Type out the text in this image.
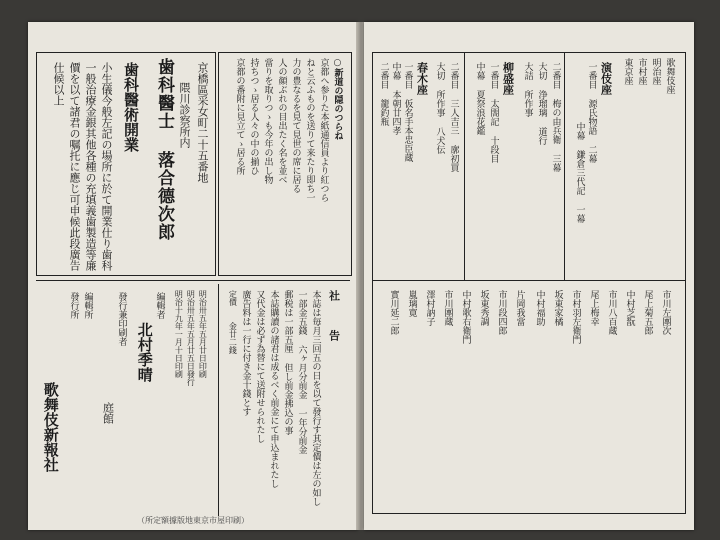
京橋區采女町二十五番地
隈川診察所内
歯科醫士 落合德次郎
歯科醫術開業
小生儀今般左記の場所に於て開業仕り歯科
一般治療金銀其他各種の充填義歯製造等廉
價を以て諸君の嘱托に應じ可申候此段廣告
仕候以上	○新道の隠のつらね
京都へ参りた本紙通信員より紅つら
ねと云ふものを送りて来たり即ち一
力の豊なるを見て見世の席に居る
人の顔ぶれの目出たく名を並べ
當りを取りつゝも今年の出し物
持ちつゝ居る人々の中の揃ひ
京都の番附に見立てゝ居る所
社 告
本誌は毎月三回五の日を以て發行す其定價は左の如し
一部金五錢 六ヶ月分前金 一年分前金
郵税は一部五厘 但し前金拂込の事
本誌購讀の諸君は成るべく前金にて申込まれたし
又代金は必ず為替にて送附せられたし
廣告料は一行に付き金十錢とす
明治卅五年五月廿日印刷
明治卅五年五月廿五日發行
明治十九年一月十日印刷
編輯者
北村季晴
發行兼印刷者
庭館
編輯所
發行所
歌舞伎新報社
定價
金廿二錢
（所定額據版地東京市屋印刷）
歌舞伎座
明治座
市村座
東京座
演伎座
一番目 源氏物語 二幕
中幕 鎌倉三代記 一幕
二番目 梅の由兵衛 三幕
大切 浄瑠璃 道行
大詰 所作事
柳盛座
一番目 太閤記 十段目
中幕 夏祭浪花鑑
二番目 三人吉三 廓初買
大切 所作事 八犬伝
春木座
一番目 仮名手本忠臣蔵
中幕 本朝廿四孝
二番目 籠釣瓶
市川左團次
尾上菊五郎
中村芝翫
市川八百蔵
尾上梅幸
市村羽左衛門
坂東家橘
中村福助
片岡我當
市川段四郎
坂東秀調
中村歌右衛門
市川團蔵
澤村訥子
嵐璃寛
實川延二郎
